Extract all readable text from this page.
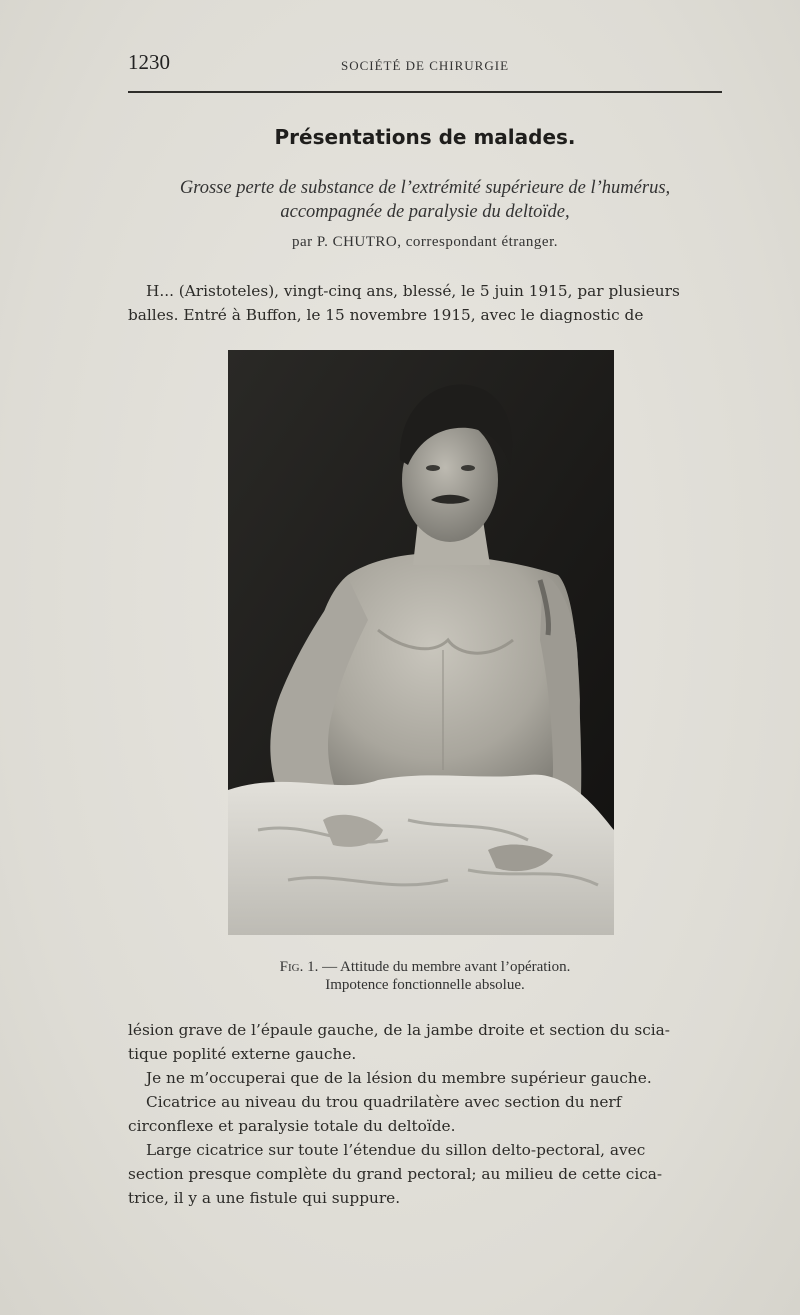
1230	SOCIÉTÉ DE CHIRURGIE
Présentations de malades.
Grosse perte de substance de l’extrémité supérieure de l’humérus,
accompagnée de paralysie du deltoïde,
par P. CHUTRO, correspondant étranger.

H... (Aristoteles), vingt-cinq ans, blessé, le 5 juin 1915, par plusieurs

balles. Entré à Buffon, le 15 novembre 1915, avec le diagnostic de

Fig. 1. — Attitude du membre avant l’opération.
Impotence fonctionnelle absolue.

lésion grave de l’épaule gauche, de la jambe droite et section du scia-

tique poplité externe gauche.

Je ne m’occuperai que de la lésion du membre supérieur gauche.

Cicatrice au niveau du trou quadrilatère avec section du nerf

circonflexe et paralysie totale du deltoïde.

Large cicatrice sur toute l’étendue du sillon delto-pectoral, avec

section presque complète du grand pectoral; au milieu de cette cica-

trice, il y a une fistule qui suppure.
